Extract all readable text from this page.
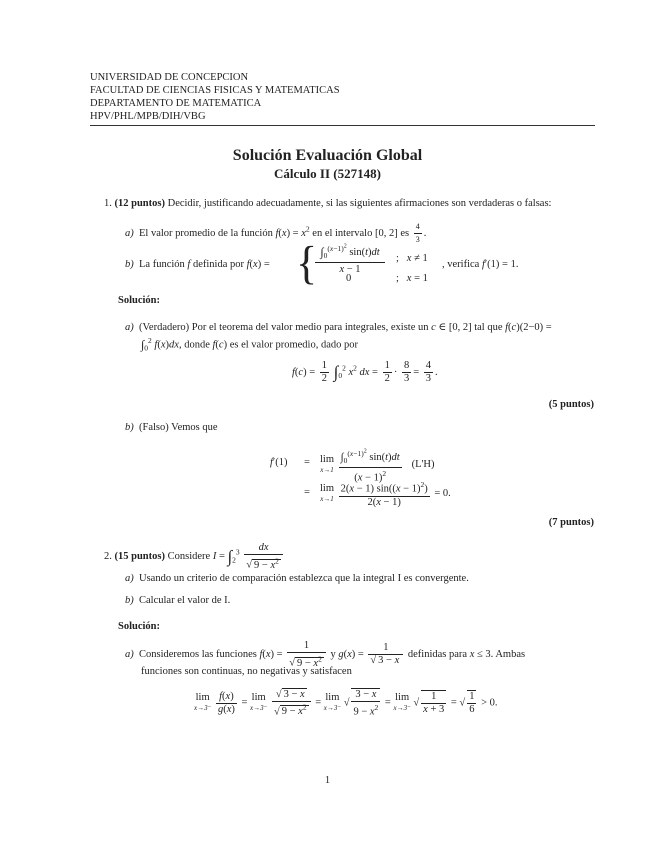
UNIVERSIDAD DE CONCEPCION
FACULTAD DE CIENCIAS FISICAS Y MATEMATICAS
DEPARTAMENTO DE MATEMATICA
HPV/PHL/MPB/DIH/VBG
Solución Evaluación Global
Cálculo II (527148)
1. (12 puntos) Decidir, justificando adecuadamente, si las siguientes afirmaciones son verdaderas o falsas:
a) El valor promedio de la función $f(x) = x^2$ en el intervalo [0, 2] es $\frac{4}{3}$ .
b) La función f definida por f(x) = { $\int_0^{(x-1)^2}$ sin(t)dt
x − 1
;   x ≠ 1
0	;   x = 1
, verifica f′(1) = 1.
Solución:
a) (Verdadero) Por el teorema del valor medio para integrales, existe un c ∈ [0, 2] tal que f(c)(2−0) =
$\int_0^2$ f(x)dx, donde f(c) es el valor promedio, dado por
$f(c) = \frac{1}{2} \int_0^2$ $x^2$ dx = $\frac{1}{2} \cdot \frac{8}{3} = \frac{4}{3}$ .
(5 puntos)
b) (Falso) Vemos que
f′(1) = lim
x→1
$\frac{\int_0^{(x-1)^2} \sin(t)dt}{(x - 1)^2} (L'H)$
= lim
x→1
$\frac{2(x - 1) \sin((x - 1)^2)}{2(x - 1)} = 0$.
(7 puntos)
2. (15 puntos) Considere $I = \int_2^3 \frac{dx}{√ 9 - x^2}$
a) Usando un criterio de comparación establezca que la integral I es convergente.
b) Calcular el valor de I.
Solución:
a) Consideremos las funciones $f(x) = \frac{1}{√ 9 - x^2}$ y $g(x) = \frac{1}{√ 3 - x}$ definidas para x ≤ 3. Ambas
funciones son continuas, no negativas y satisfacen
lim
x→3⁻
$\frac{f(x)}{g(x)} = \lim$
x→3⁻
$\frac{√ 3 - x}{√ 9 - x^2} = \lim$
x→3⁻ √ $\frac{3 - x}{9 - x^2} = \lim$
x→3⁻ √ $\frac{1}{x + 3}$ = √ $\frac{1}{6} > 0$.
1
